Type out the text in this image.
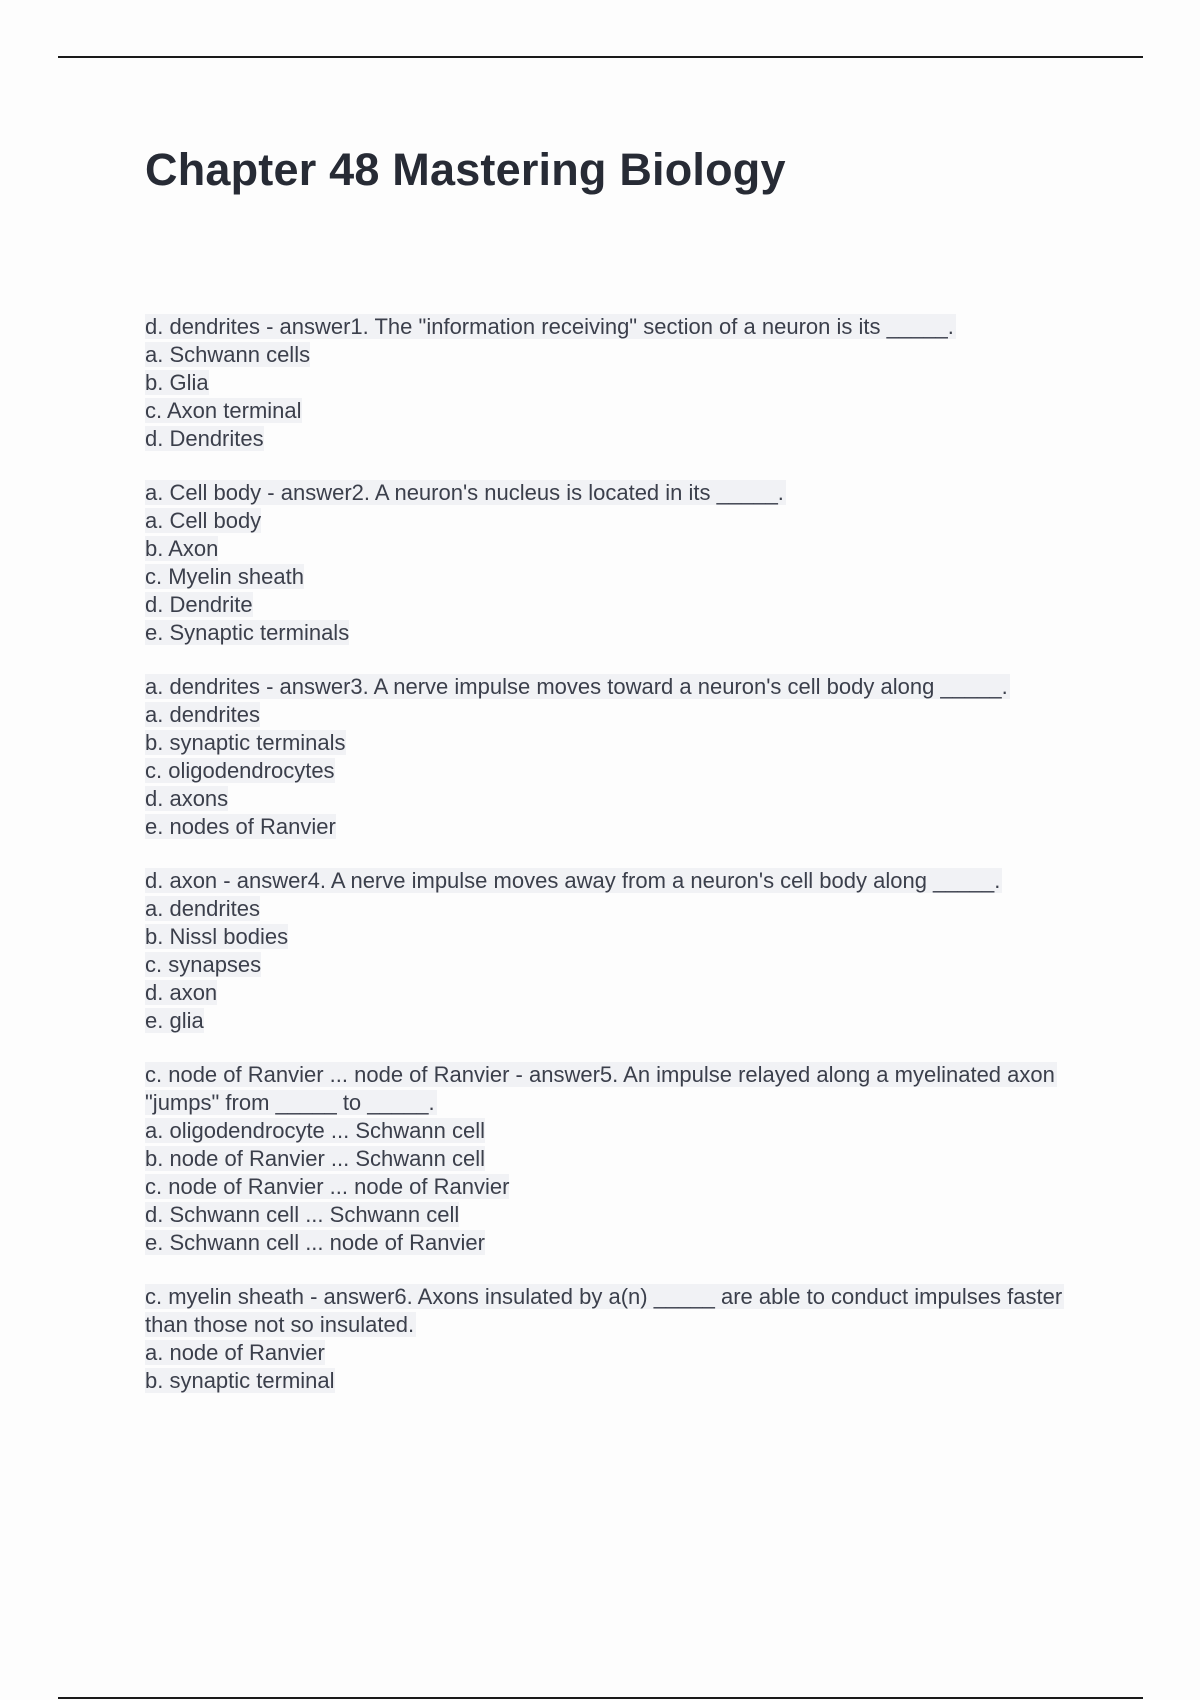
Chapter 48 Mastering Biology
d. dendrites - answer1. The "information receiving" section of a neuron is its _____.
a. Schwann cells
b. Glia
c. Axon terminal
d. Dendrites
a. Cell body - answer2. A neuron's nucleus is located in its _____.
a. Cell body
b. Axon
c. Myelin sheath
d. Dendrite
e. Synaptic terminals
a. dendrites - answer3. A nerve impulse moves toward a neuron's cell body along _____.
a. dendrites
b. synaptic terminals
c. oligodendrocytes
d. axons
e. nodes of Ranvier
d. axon - answer4. A nerve impulse moves away from a neuron's cell body along _____.
a. dendrites
b. Nissl bodies
c. synapses
d. axon
e. glia
c. node of Ranvier ... node of Ranvier - answer5. An impulse relayed along a myelinated axon "jumps" from _____ to _____.
a. oligodendrocyte ... Schwann cell
b. node of Ranvier ... Schwann cell
c. node of Ranvier ... node of Ranvier
d. Schwann cell ... Schwann cell
e. Schwann cell ... node of Ranvier
c. myelin sheath - answer6. Axons insulated by a(n) _____ are able to conduct impulses faster than those not so insulated.
a. node of Ranvier
b. synaptic terminal
